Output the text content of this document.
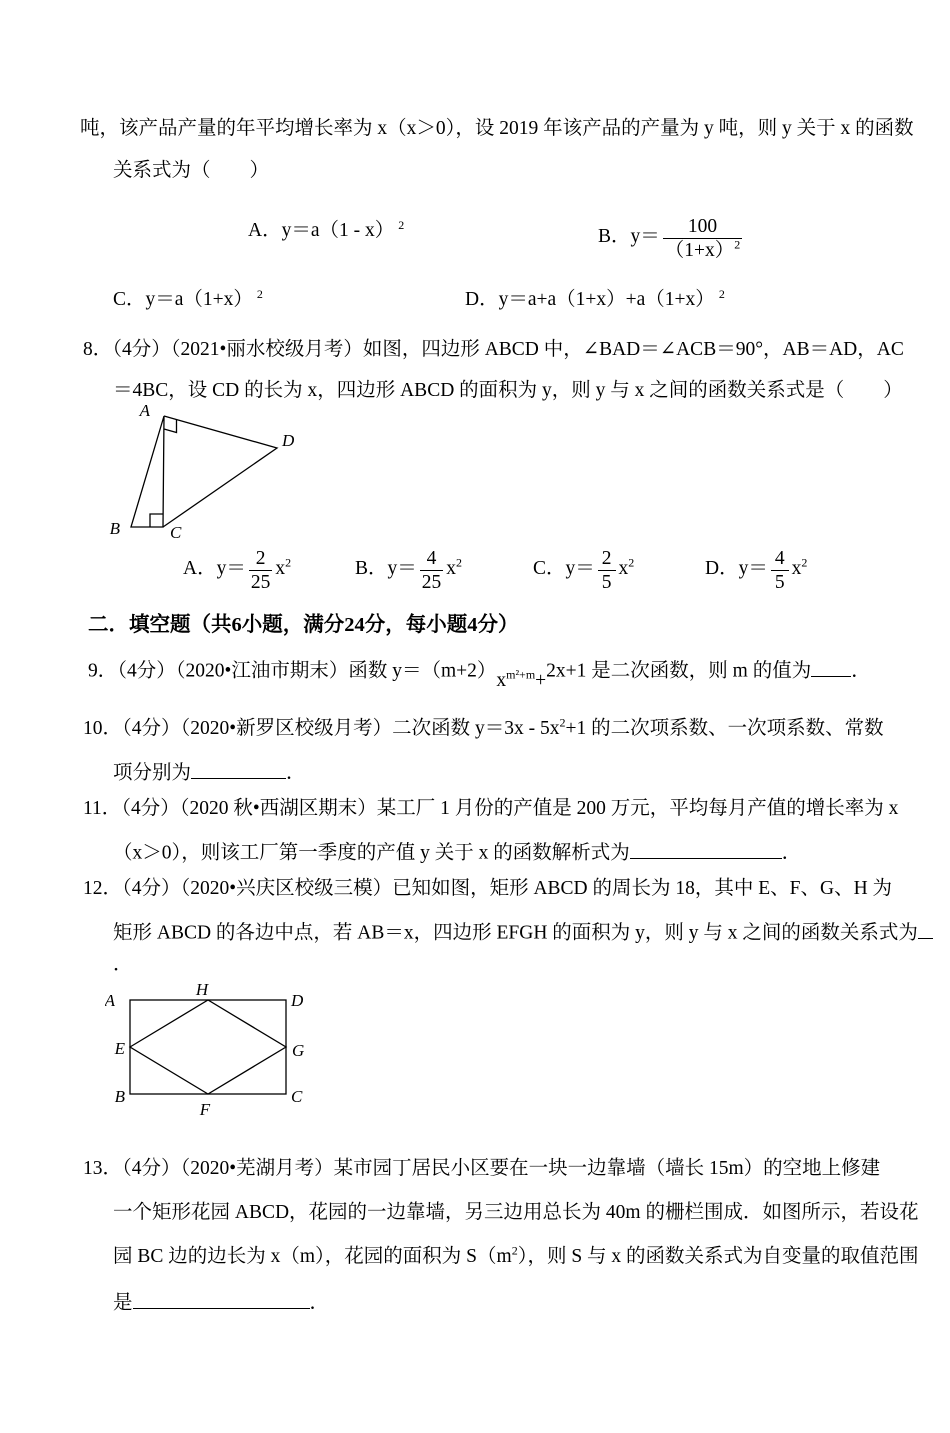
吨，该产品产量的年平均增长率为 x（x＞0），设 2019 年该产品的产量为 y 吨，则 y 关于 x 的函数
关系式为（　　）
A．y＝a（1 - x） $^2$
B．$y= \frac{100}{(1+x)^2}$
C．y＝a（1+x） $^2$	D．y＝a+a（1+x）+a（1+x） $^2$
8．（4分）（2021•丽水校级月考）如图，四边形 ABCD 中，∠BAD＝∠ACB＝90°，AB＝AD，AC
＝4BC，设 CD 的长为 x，四边形 ABCD 的面积为 y，则 y 与 x 之间的函数关系式是（　　）
A
B	C
D
A．$y= \frac{2}{25} x^2$	B．$y= \frac{4}{25} x^2$	C．$y= \frac{2}{5} x^2$	D．$y= \frac{4}{5} x^2$
二．填空题（共6小题，满分24分，每小题4分）
9．（4分）（2020•江油市期末）函数 $y=(m+2)x^{m^2+m}+2x+1$ 是二次函数，则 m 的值为 ．
10．（4分）（2020•新罗区校级月考）二次函数 $y=3x - 5x^2+1$ 的二次项系数、一次项系数、常数
项分别为	．
11．（4分）（2020 秋•西湖区期末）某工厂 1 月份的产值是 200 万元，平均每月产值的增长率为 x
（x＞0），则该工厂第一季度的产值 y 关于 x 的函数解析式为	．
12．（4分）（2020•兴庆区校级三模）已知如图，矩形 ABCD 的周长为 18，其中 E、F、G、H 为
矩形 ABCD 的各边中点，若 AB＝x，四边形 EFGH 的面积为 y，则 y 与 x 之间的函数关系式为
．
A
H
D
E	G
B
F
C
13．（4分）（2020•芜湖月考）某市园丁居民小区要在一块一边靠墙（墙长 15m）的空地上修建
一个矩形花园 ABCD，花园的一边靠墙，另三边用总长为 40m 的栅栏围成．如图所示，若设花
园 BC 边的边长为 x（m），花园的面积为 $S(m^2)$，则 S 与 x 的函数关系式为自变量的取值范围
是	．
